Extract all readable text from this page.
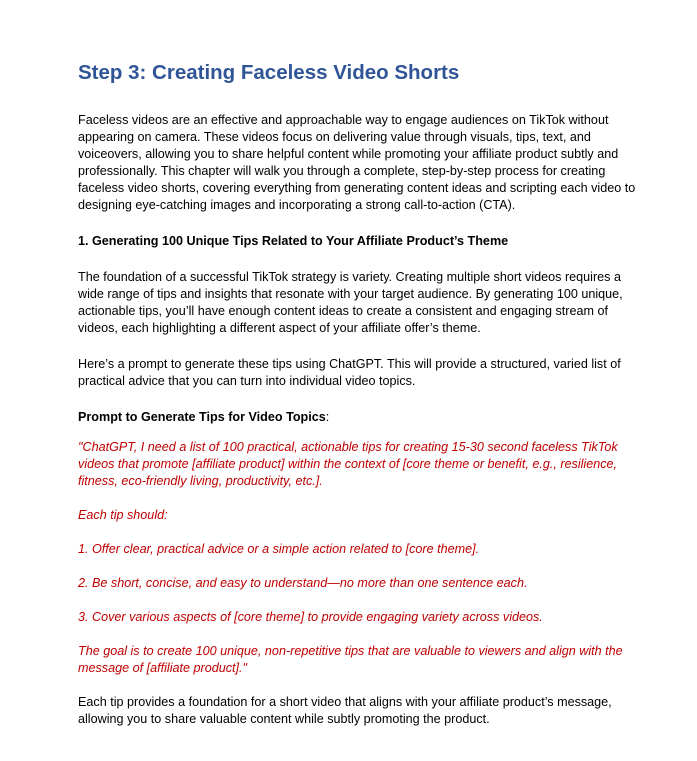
Step 3: Creating Faceless Video Shorts

Faceless videos are an effective and approachable way to engage audiences on TikTok without appearing on camera. These videos focus on delivering value through visuals, tips, text, and voiceovers, allowing you to share helpful content while promoting your affiliate product subtly and professionally. This chapter will walk you through a complete, step-by-step process for creating faceless video shorts, covering everything from generating content ideas and scripting each video to designing eye-catching images and incorporating a strong call-to-action (CTA).

1. Generating 100 Unique Tips Related to Your Affiliate Product’s Theme

The foundation of a successful TikTok strategy is variety. Creating multiple short videos requires a wide range of tips and insights that resonate with your target audience. By generating 100 unique, actionable tips, you’ll have enough content ideas to create a consistent and engaging stream of videos, each highlighting a different aspect of your affiliate offer’s theme.

Here’s a prompt to generate these tips using ChatGPT. This will provide a structured, varied list of practical advice that you can turn into individual video topics.

Prompt to Generate Tips for Video Topics:

"ChatGPT, I need a list of 100 practical, actionable tips for creating 15-30 second faceless TikTok videos that promote [affiliate product] within the context of [core theme or benefit, e.g., resilience, fitness, eco-friendly living, productivity, etc.].

Each tip should:

1. Offer clear, practical advice or a simple action related to [core theme].

2. Be short, concise, and easy to understand—no more than one sentence each.

3. Cover various aspects of [core theme] to provide engaging variety across videos.

The goal is to create 100 unique, non-repetitive tips that are valuable to viewers and align with the message of [affiliate product]."

Each tip provides a foundation for a short video that aligns with your affiliate product’s message, allowing you to share valuable content while subtly promoting the product.
